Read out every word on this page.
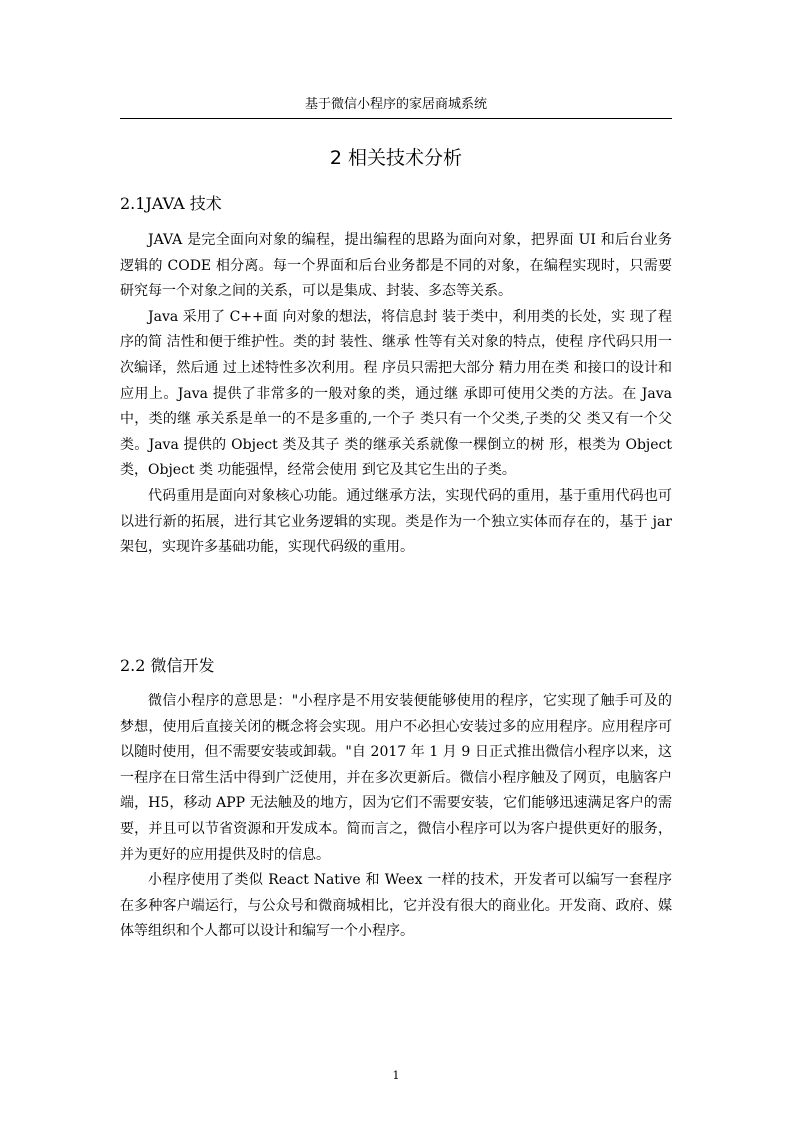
基于微信小程序的家居商城系统
2 相关技术分析
2.1JAVA 技术

JAVA 是完全面向对象的编程，提出编程的思路为面向对象，把界面 UI 和后台业务逻辑的 CODE 相分离。每一个界面和后台业务都是不同的对象，在编程实现时，只需要研究每一个对象之间的关系，可以是集成、封装、多态等关系。

Java 采用了 C++面 向对象的想法，将信息封 装于类中，利用类的长处，实 现了程序的简 洁性和便于维护性。类的封 装性、继承 性等有关对象的特点，使程 序代码只用一次编译，然后通 过上述特性多次利用。程 序员只需把大部分 精力用在类 和接口的设计和应用上。Java 提供了非常多的一般对象的类，通过继 承即可使用父类的方法。在 Java 中，类的继 承关系是单一的不是多重的,一个子 类只有一个父类,子类的父 类又有一个父类。Java 提供的 Object 类及其子 类的继承关系就像一棵倒立的树 形，根类为 Object 类，Object 类 功能强悍，经常会使用 到它及其它生出的子类。

代码重用是面向对象核心功能。通过继承方法，实现代码的重用，基于重用代码也可以进行新的拓展，进行其它业务逻辑的实现。类是作为一个独立实体而存在的，基于 jar 架包，实现许多基础功能，实现代码级的重用。

2.2 微信开发

微信小程序的意思是："小程序是不用安装便能够使用的程序，它实现了触手可及的梦想，使用后直接关闭的概念将会实现。用户不必担心安装过多的应用程序。应用程序可以随时使用，但不需要安装或卸载。"自 2017 年 1 月 9 日正式推出微信小程序以来，这一程序在日常生活中得到广泛使用，并在多次更新后。微信小程序触及了网页，电脑客户端，H5，移动 APP 无法触及的地方，因为它们不需要安装，它们能够迅速满足客户的需要，并且可以节省资源和开发成本。简而言之，微信小程序可以为客户提供更好的服务，并为更好的应用提供及时的信息。

小程序使用了类似 React Native 和 Weex 一样的技术，开发者可以编写一套程序在多种客户端运行，与公众号和微商城相比，它并没有很大的商业化。开发商、政府、媒体等组织和个人都可以设计和编写一个小程序。

1
